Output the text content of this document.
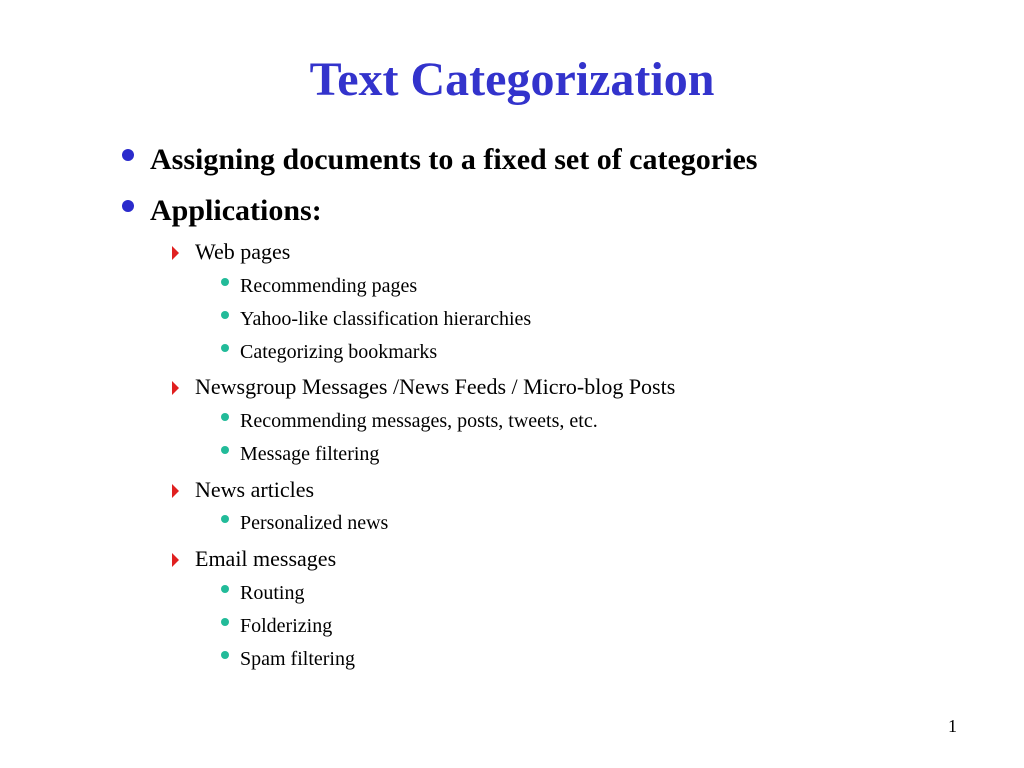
Text Categorization
Assigning documents to a fixed set of categories
Applications:
Web pages
Recommending pages
Yahoo-like classification hierarchies
Categorizing bookmarks
Newsgroup Messages /News Feeds / Micro-blog Posts
Recommending messages, posts, tweets, etc.
Message filtering
News articles
Personalized news
Email messages
Routing
Folderizing
Spam filtering
1
